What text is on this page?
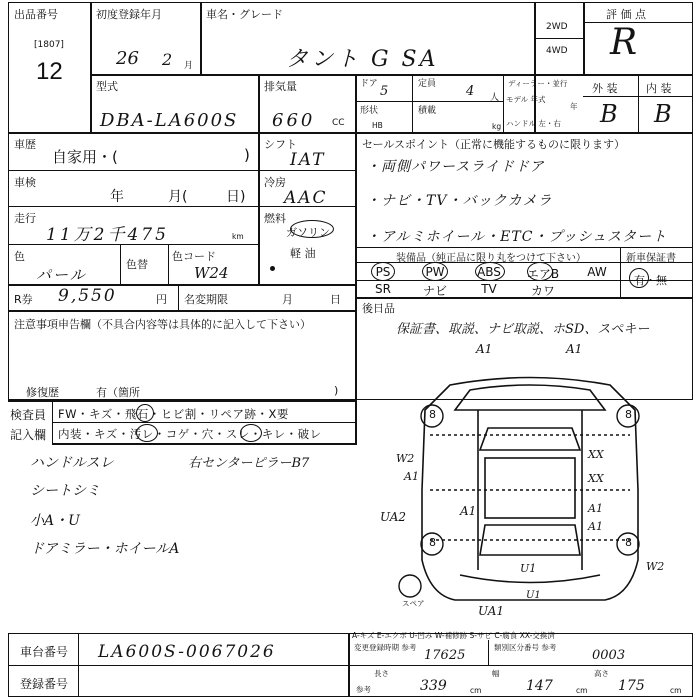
出品番号
[1807]
12
初度登録年月
26 2 月
車名・グレード
タント G SA
2WD
4WD
評 価 点
R
型式
DBA-LA600S
排気量
660 CC
ドア 5	定員 4 人
形状
HB
積載
kg
ディーラー・並行
モデル 年式
年
ハンドル 左・右
外 装	内 装
B B
車歴
自家用・(	)
シフト
IAT
車検
年	月(	日)
冷房
AAC
走行
11万2千475	km
燃料
ガソリン
軽 油
色
パール
色替
色コード
W24
R券 9,550	円 名変期限	月	日
注意事項申告欄（不具合内容等は具体的に記入して下さい）
修復歴	有（箇所	)
セールスポイント（正常に機能するものに限ります）
・両側パワースライドドア
・ナビ・TV・バックカメラ
・アルミホイール・ETC・プッシュスタート
装備品（純正品に限り丸をつけて下さい）	新車保証書
有・無
PS	PW	ABS	エアB	AW
SR	ナビ	TV	カワ
後日品
保証書、取説、ナビ取説、ホSD、スペキー
検査員
記入欄
FW・キズ・飛石・ヒビ割・リペア跡・X要
内装・キズ・汚レ・コゲ・穴・スレ・キレ・破レ
ハンドルスレ
シートシミ
小A・U
ドアミラー・ホイールA
右センターピラーB7
A1	A1
W2
A1
XX
XX
UA2	A1	A1
A1
U1	W2
UA1
U1
スペア
8	8
8	8
A-キズ E-エクボ U-凹み W-補修跡 S-サビ C-腐食 XX-交換済
車台番号 LA600S-0067026
登録番号
変更登録時期 参考
17625
類別区分番号 参考
0003
参考
長さ
339	cm
幅
147	cm
高さ
175	cm
